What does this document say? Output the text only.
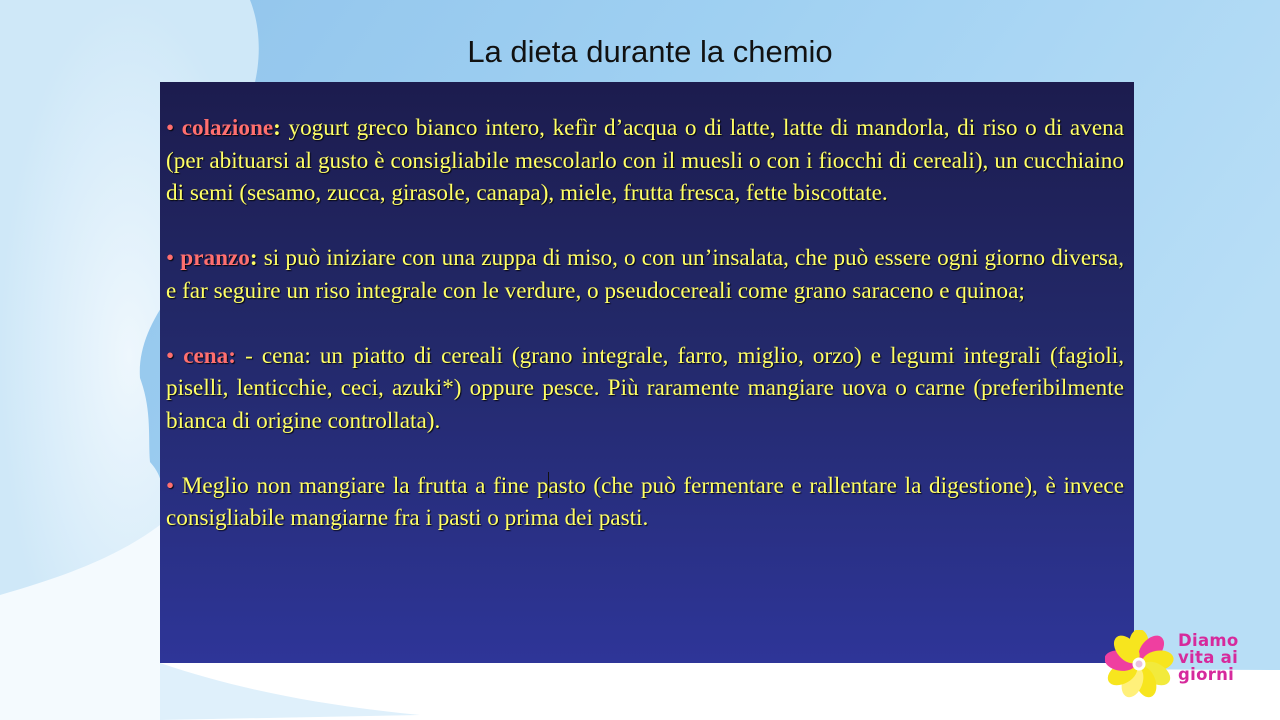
La dieta durante la chemio

• colazione: yogurt greco bianco intero, kefìr d’acqua o di latte, latte di mandorla, di riso o di avena (per abituarsi al gusto è consigliabile mescolarlo con il muesli o con i fiocchi di cereali), un cucchiaino di semi (sesamo, zucca, girasole, canapa), miele, frutta fresca, fette biscottate.

• pranzo: si può iniziare con una zuppa di miso, o con un’insalata, che può essere ogni giorno diversa, e far seguire un riso integrale con le verdure, o pseudocereali come grano saraceno e quinoa;

• cena: - cena: un piatto di cereali (grano integrale, farro, miglio, orzo) e legumi integrali (fagioli, piselli, lenticchie, ceci, azuki*) oppure pesce. Più raramente mangiare uova o carne (preferibilmente bianca di origine controllata).

• Meglio non mangiare la frutta a fine pasto (che può fermentare e rallentare la digestione), è invece consigliabile mangiarne fra i pasti o prima dei pasti.

Diamo
vita ai
giorni
